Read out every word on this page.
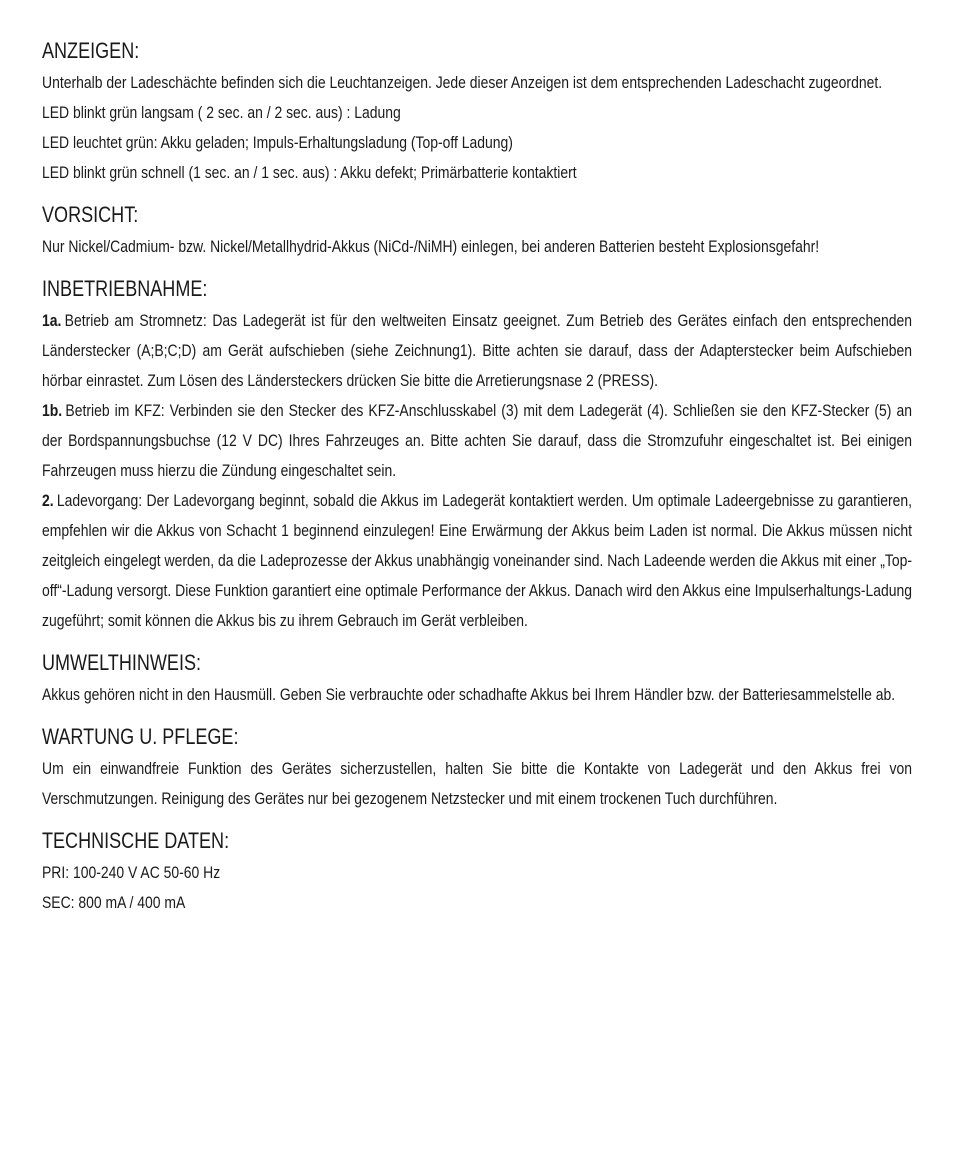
ANZEIGEN:
Unterhalb der Ladeschächte befinden sich die Leuchtanzeigen. Jede dieser Anzeigen ist dem entsprechenden Ladeschacht zugeordnet.
LED blinkt grün langsam ( 2 sec. an / 2 sec. aus) : Ladung
LED leuchtet grün: Akku geladen; Impuls-Erhaltungsladung (Top-off Ladung)
LED blinkt grün schnell (1 sec. an / 1 sec. aus) : Akku defekt; Primärbatterie kontaktiert
VORSICHT:
Nur Nickel/Cadmium- bzw. Nickel/Metallhydrid-Akkus (NiCd-/NiMH) einlegen, bei anderen Batterien besteht Explosionsgefahr!
INBETRIEBNAHME:
1a. Betrieb am Stromnetz: Das Ladegerät ist für den weltweiten Einsatz geeignet. Zum Betrieb des Gerätes einfach den entsprechenden Länderstecker (A;B;C;D) am Gerät aufschieben (siehe Zeichnung1). Bitte achten sie darauf, dass der Adapterstecker beim Aufschieben hörbar einrastet. Zum Lösen des Ländersteckers drücken Sie bitte die Arretierungsnase 2 (PRESS).
1b. Betrieb im KFZ: Verbinden sie den Stecker des KFZ-Anschlusskabel (3) mit dem Ladegerät (4). Schließen sie den KFZ-Stecker (5) an der Bordspannungsbuchse (12 V DC) Ihres Fahrzeuges an. Bitte achten Sie darauf, dass die Stromzufuhr eingeschaltet ist. Bei einigen Fahrzeugen muss hierzu die Zündung eingeschaltet sein.
2. Ladevorgang: Der Ladevorgang beginnt, sobald die Akkus im Ladegerät kontaktiert werden. Um optimale Ladeergebnisse zu garantieren, empfehlen wir die Akkus von Schacht 1 beginnend einzulegen! Eine Erwärmung der Akkus beim Laden ist normal. Die Akkus müssen nicht zeitgleich eingelegt werden, da die Ladeprozesse der Akkus unabhängig voneinander sind. Nach Ladeende werden die Akkus mit einer „Top-off“-Ladung versorgt. Diese Funktion garantiert eine optimale Performance der Akkus. Danach wird den Akkus eine Impulserhaltungs-Ladung zugeführt; somit können die Akkus bis zu ihrem Gebrauch im Gerät verbleiben.
UMWELTHINWEIS:
Akkus gehören nicht in den Hausmüll. Geben Sie verbrauchte oder schadhafte Akkus bei Ihrem Händler bzw. der Batteriesammelstelle ab.
WARTUNG U. PFLEGE:
Um ein einwandfreie Funktion des Gerätes sicherzustellen, halten Sie bitte die Kontakte von Ladegerät und den Akkus frei von Verschmutzungen. Reinigung des Gerätes nur bei gezogenem Netzstecker und mit einem trockenen Tuch durchführen.
TECHNISCHE DATEN:
PRI: 100-240 V AC 50-60 Hz
SEC: 800 mA / 400 mA
